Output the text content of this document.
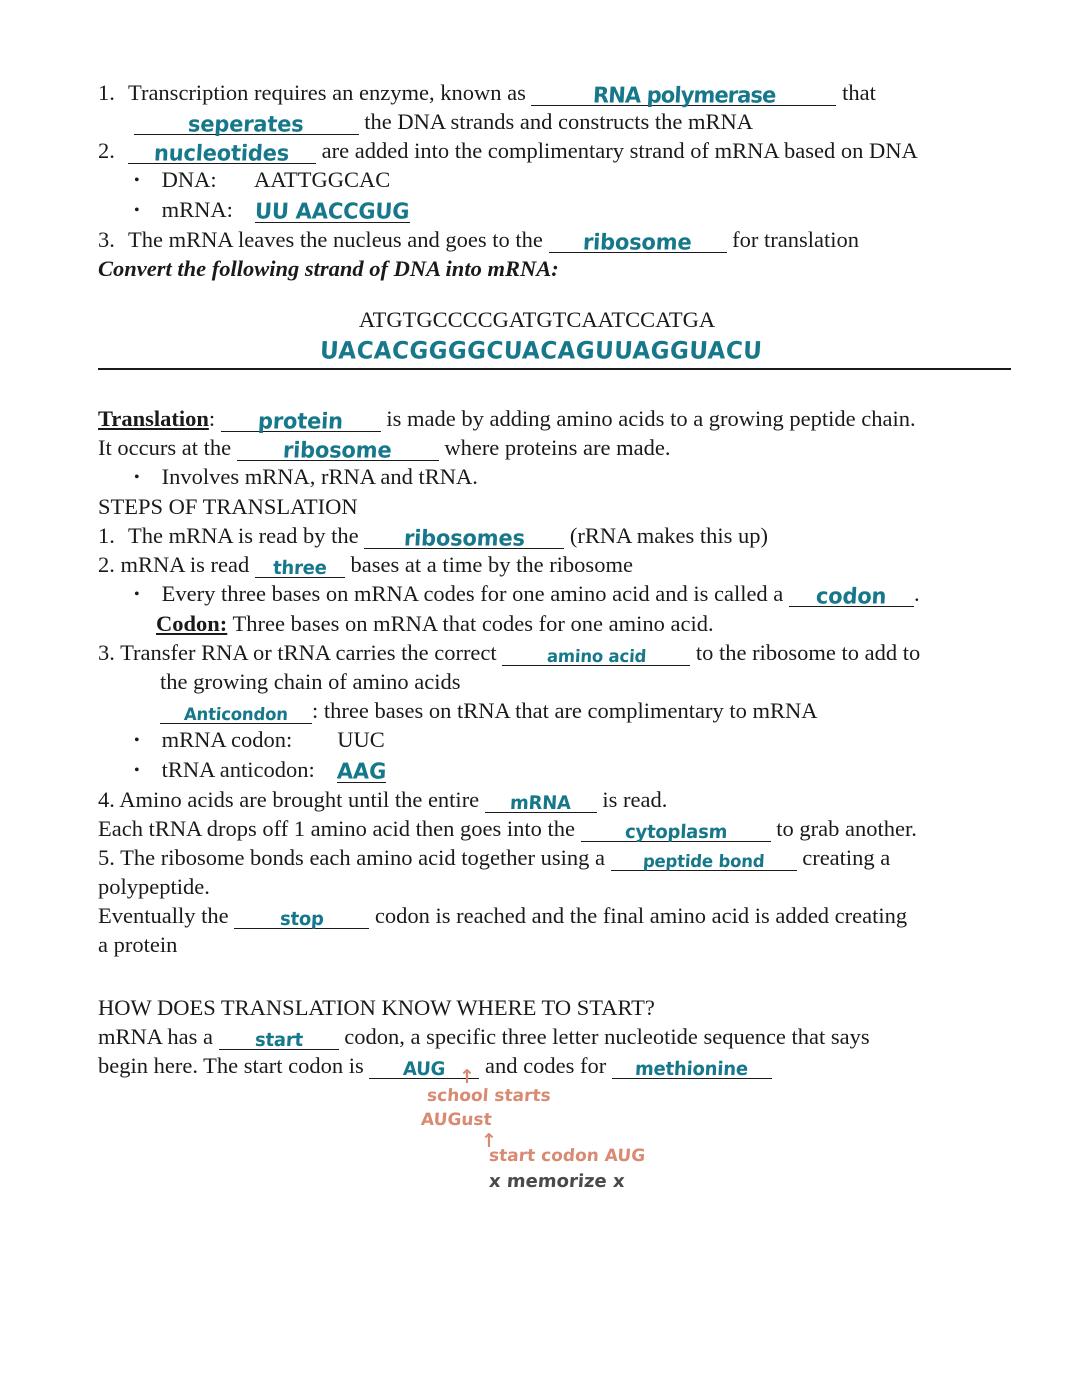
1. Transcription requires an enzyme, known as	RNA polymerase	that
seperates	the DNA strands and constructs the mRNA
2. nucleotides are added into the complimentary strand of mRNA based on DNA
• DNA: AATTGGCAC
• mRNA: UU AACCGUG
3. The mRNA leaves the nucleus and goes to the ribosome for translation
Convert the following strand of DNA into mRNA:
ATGTGCCCCGATGTCAATCCATGA
UACACGGGGCUACAGUUAGGUACU
Translation: protein is made by adding amino acids to a growing peptide chain.
It occurs at the ribosome where proteins are made.
• Involves mRNA, rRNA and tRNA.
STEPS OF TRANSLATION
1. The mRNA is read by the ribosomes (rRNA makes this up)
2. mRNA is read three bases at a time by the ribosome
• Every three bases on mRNA codes for one amino acid and is called a codon .
Codon: Three bases on mRNA that codes for one amino acid.
3. Transfer RNA or tRNA carries the correct	amino acid to the ribosome to add to
the growing chain of amino acids
Anticondon : three bases on tRNA that are complimentary to mRNA
• mRNA codon: UUC
• tRNA anticodon: AAG
4. Amino acids are brought until the entire mRNA is read.
Each tRNA drops off 1 amino acid then goes into the	cytoplasm to grab another.
5. The ribosome bonds each amino acid together using a peptide bond creating a
polypeptide.
Eventually the	stop codon is reached and the final amino acid is added creating
a protein
HOW DOES TRANSLATION KNOW WHERE TO START?
mRNA has a start codon, a specific three letter nucleotide sequence that says
begin here. The start codon is AUG and codes for methionine
↑
school starts
AUGust
↑
start codon AUG
x memorize x
